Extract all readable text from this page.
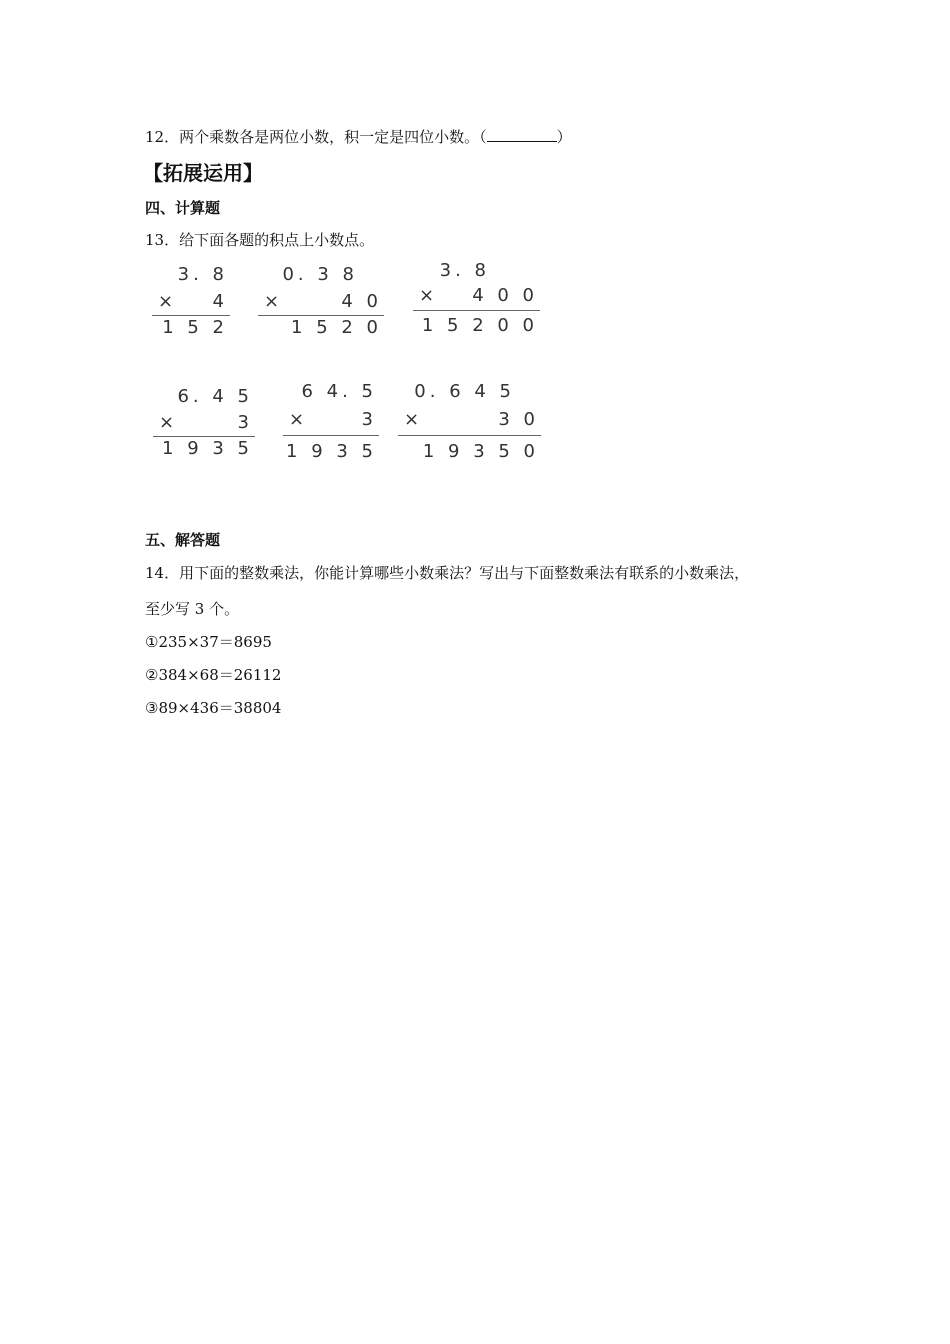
12．两个乘数各是两位小数，积一定是四位小数。（	）
【拓展运用】
四、计算题
13．给下面各题的积点上小数点。
3. 8
× 4
1 5 2
0. 3 8
×	4 0
1 5 2 0
3. 8
× 4 0 0
1 5 2 0 0
6. 4 5
×	3
1 9 3 5
6 4. 5
×	3
1 9 3 5
0. 6 4 5
×	3 0
1 9 3 5 0
五、解答题
14．用下面的整数乘法，你能计算哪些小数乘法？写出与下面整数乘法有联系的小数乘法，
至少写 3 个。
①235×37＝8695
②384×68＝26112
③89×436＝38804
